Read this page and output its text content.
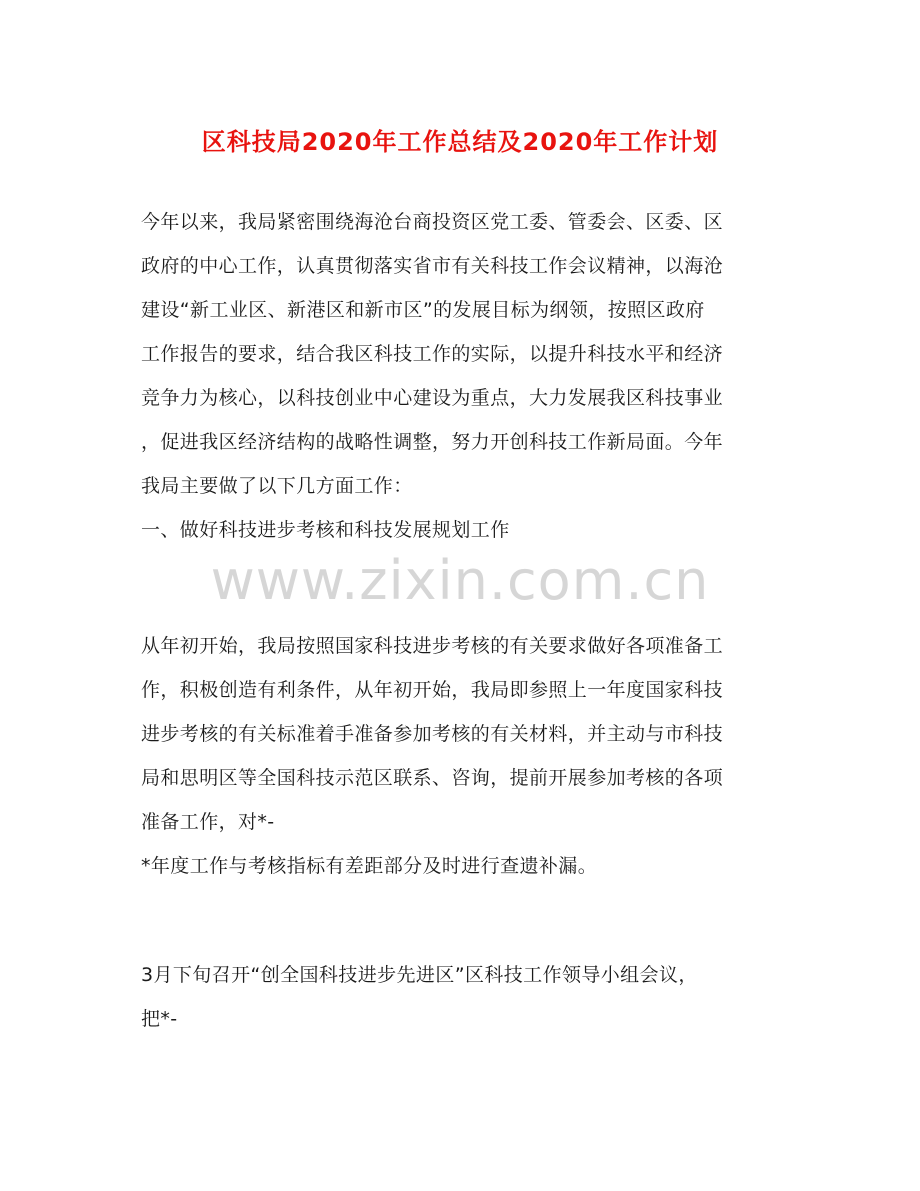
区科技局2020年工作总结及2020年工作计划
今年以来，我局紧密围绕海沧台商投资区党工委、管委会、区委、区
政府的中心工作，认真贯彻落实省市有关科技工作会议精神，以海沧
建设“新工业区、新港区和新市区”的发展目标为纲领，按照区政府
工作报告的要求，结合我区科技工作的实际，以提升科技水平和经济
竞争力为核心，以科技创业中心建设为重点，大力发展我区科技事业
，促进我区经济结构的战略性调整，努力开创科技工作新局面。今年
我局主要做了以下几方面工作：
一、做好科技进步考核和科技发展规划工作
www.zixin.com.cn
从年初开始，我局按照国家科技进步考核的有关要求做好各项准备工
作，积极创造有利条件，从年初开始，我局即参照上一年度国家科技
进步考核的有关标准着手准备参加考核的有关材料，并主动与市科技
局和思明区等全国科技示范区联系、咨询，提前开展参加考核的各项
准备工作，对*-
*年度工作与考核指标有差距部分及时进行查遗补漏。
3月下旬召开“创全国科技进步先进区”区科技工作领导小组会议，
把*-
